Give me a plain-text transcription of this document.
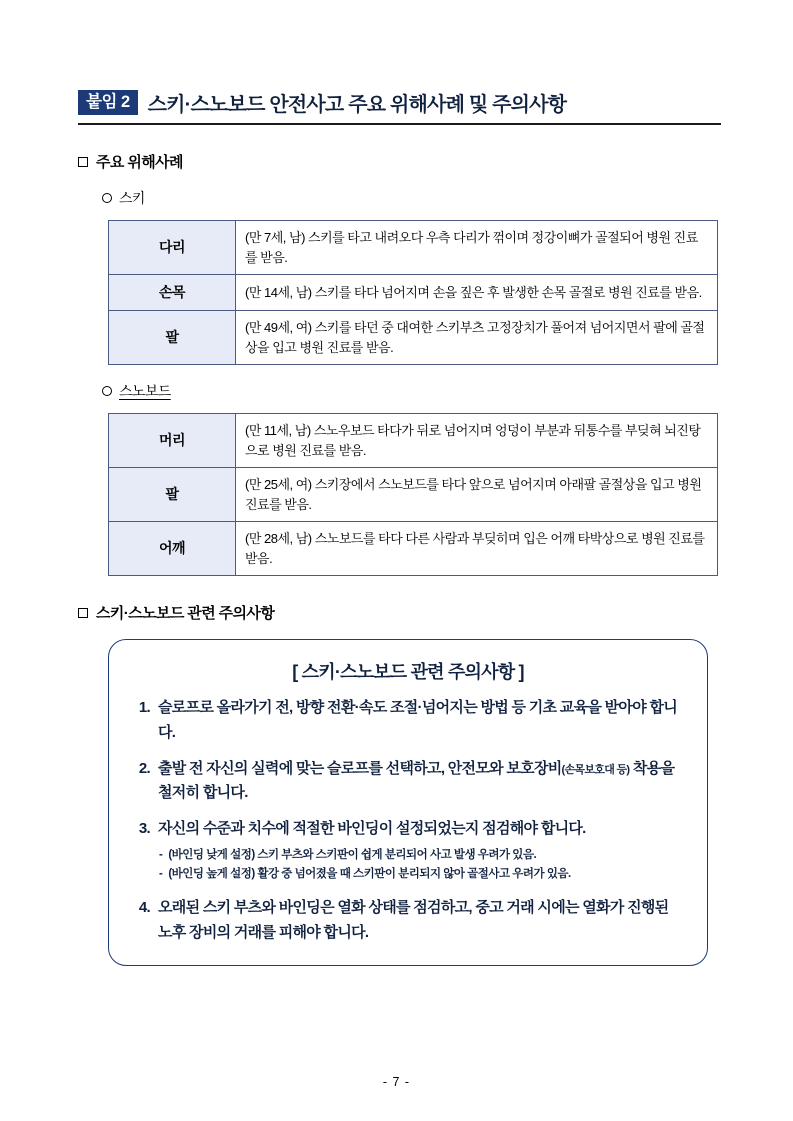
붙임 2 스키·스노보드 안전사고 주요 위해사례 및 주의사항
주요 위해사례
스키
다리	(만 7세, 남) 스키를 타고 내려오다 우측 다리가 꺾이며 정강이뼈가 골절되어 병원 진료를 받음.
손목	(만 14세, 남) 스키를 타다 넘어지며 손을 짚은 후 발생한 손목 골절로 병원 진료를 받음.
팔	(만 49세, 여) 스키를 타던 중 대여한 스키부츠 고정장치가 풀어져 넘어지면서 팔에 골절상을 입고 병원 진료를 받음.
스노보드
머리	(만 11세, 남) 스노우보드 타다가 뒤로 넘어지며 엉덩이 부분과 뒤통수를 부딪혀 뇌진탕으로 병원 진료를 받음.
팔	(만 25세, 여) 스키장에서 스노보드를 타다 앞으로 넘어지며 아래팔 골절상을 입고 병원 진료를 받음.
어깨	(만 28세, 남) 스노보드를 타다 다른 사람과 부딪히며 입은 어깨 타박상으로 병원 진료를 받음.
스키·스노보드 관련 주의사항
[ 스키·스노보드 관련 주의사항 ]
1. 슬로프로 올라가기 전, 방향 전환·속도 조절·넘어지는 방법 등 기초 교육을 받아야 합니다.
2. 출발 전 자신의 실력에 맞는 슬로프를 선택하고, 안전모와 보호장비(손목보호대 등) 착용을 철저히 합니다.
3. 자신의 수준과 치수에 적절한 바인딩이 설정되었는지 점검해야 합니다.
- (바인딩 낮게 설정) 스키 부츠와 스키판이 쉽게 분리되어 사고 발생 우려가 있음.
- (바인딩 높게 설정) 활강 중 넘어졌을 때 스키판이 분리되지 않아 골절사고 우려가 있음.
4. 오래된 스키 부츠와 바인딩은 열화 상태를 점검하고, 중고 거래 시에는 열화가 진행된 노후 장비의 거래를 피해야 합니다.
- 7 -
